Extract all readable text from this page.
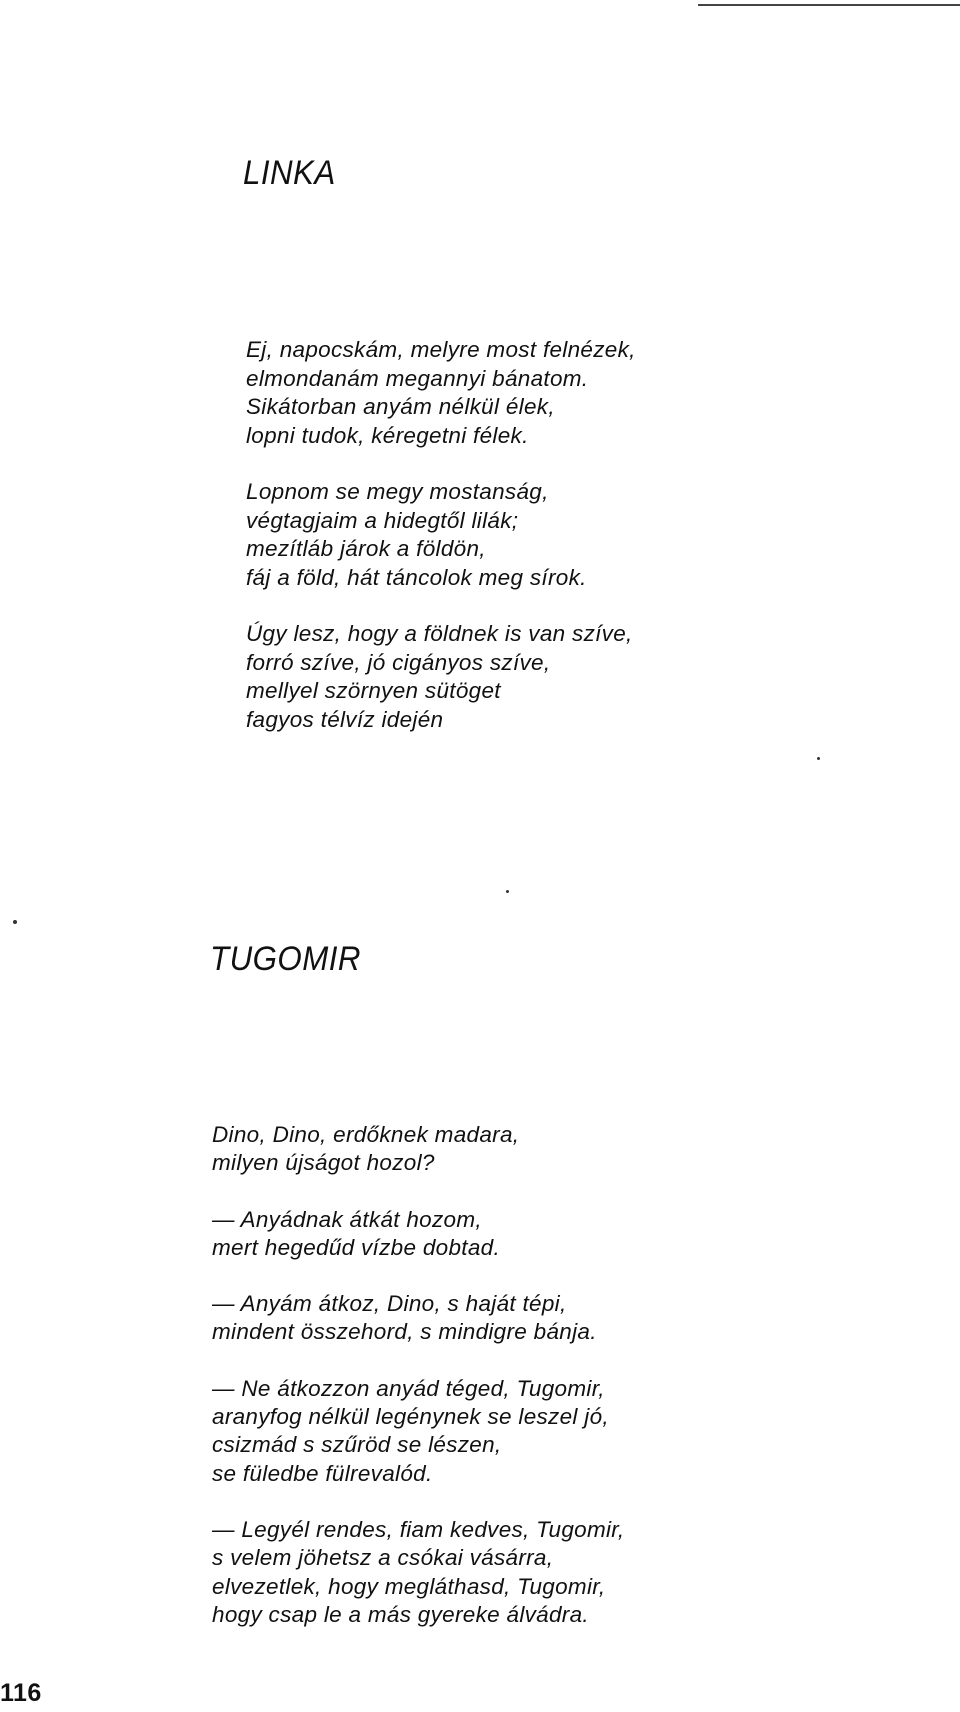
LINKA
Ej, napocskám, melyre most felnézek,
elmondanám megannyi bánatom.
Sikátorban anyám nélkül élek,
lopni tudok, kéregetni félek.
Lopnom se megy mostanság,
végtagjaim a hidegtől lilák;
mezítláb járok a földön,
fáj a föld, hát táncolok meg sírok.
Úgy lesz, hogy a földnek is van szíve,
forró szíve, jó cigányos szíve,
mellyel szörnyen sütöget
fagyos télvíz idején
TUGOMIR
Dino, Dino, erdőknek madara,
milyen újságot hozol?
— Anyádnak átkát hozom,
mert hegedűd vízbe dobtad.
— Anyám átkoz, Dino, s haját tépi,
mindent összehord, s mindigre bánja.
— Ne átkozzon anyád téged, Tugomir,
aranyfog nélkül legénynek se leszel jó,
csizmád s szűröd se lészen,
se füledbe fülrevalód.
— Legyél rendes, fiam kedves, Tugomir,
s velem jöhetsz a csókai vásárra,
elvezetlek, hogy megláthasd, Tugomir,
hogy csap le a más gyereke álvádra.
116
